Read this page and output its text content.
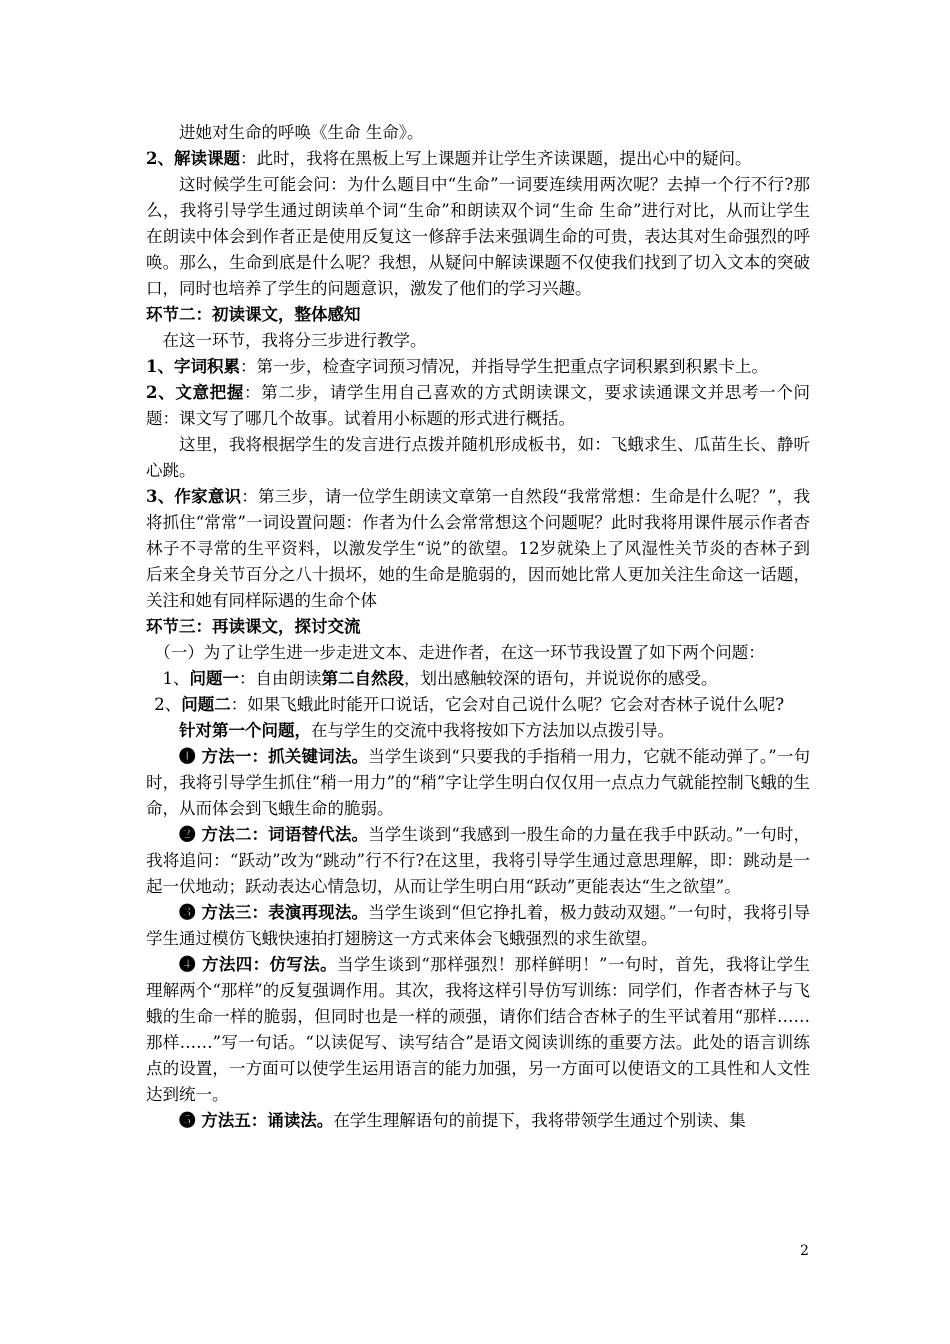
进她对生命的呼唤《生命 生命》。

2、解读课题：此时，我将在黑板上写上课题并让学生齐读课题，提出心中的疑问。

这时候学生可能会问：为什么题目中“生命”一词要连续用两次呢？去掉一个行不行?那么，我将引导学生通过朗读单个词“生命”和朗读双个词“生命 生命”进行对比，从而让学生在朗读中体会到作者正是使用反复这一修辞手法来强调生命的可贵，表达其对生命强烈的呼唤。那么，生命到底是什么呢？我想，从疑问中解读课题不仅使我们找到了切入文本的突破口，同时也培养了学生的问题意识，激发了他们的学习兴趣。

环节二：初读课文，整体感知

在这一环节，我将分三步进行教学。

1、字词积累：第一步，检查字词预习情况，并指导学生把重点字词积累到积累卡上。

2、文意把握：第二步，请学生用自己喜欢的方式朗读课文，要求读通课文并思考一个问题：课文写了哪几个故事。试着用小标题的形式进行概括。

这里，我将根据学生的发言进行点拨并随机形成板书，如：飞蛾求生、瓜苗生长、静听心跳。

3、作家意识：第三步，请一位学生朗读文章第一自然段“我常常想：生命是什么呢？”，我将抓住“常常”一词设置问题：作者为什么会常常想这个问题呢？此时我将用课件展示作者杏林子不寻常的生平资料，以激发学生“说”的欲望。12岁就染上了风湿性关节炎的杏林子到后来全身关节百分之八十损坏，她的生命是脆弱的，因而她比常人更加关注生命这一话题，关注和她有同样际遇的生命个体

环节三：再读课文，探讨交流

（一）为了让学生进一步走进文本、走进作者，在这一环节我设置了如下两个问题：

1、问题一：自由朗读第二自然段，划出感触较深的语句，并说说你的感受。

2、问题二：如果飞蛾此时能开口说话，它会对自己说什么呢？它会对杏林子说什么呢?

针对第一个问题，在与学生的交流中我将按如下方法加以点拨引导。

❶ 方法一：抓关键词法。当学生谈到“只要我的手指稍一用力，它就不能动弹了。”一句时，我将引导学生抓住“稍一用力”的“稍”字让学生明白仅仅用一点点力气就能控制飞蛾的生命，从而体会到飞蛾生命的脆弱。

❷ 方法二：词语替代法。当学生谈到“我感到一股生命的力量在我手中跃动。”一句时，我将追问：“跃动”改为“跳动”行不行?在这里，我将引导学生通过意思理解，即：跳动是一起一伏地动；跃动表达心情急切，从而让学生明白用“跃动”更能表达“生之欲望”。

❸ 方法三：表演再现法。当学生谈到“但它挣扎着，极力鼓动双翅。”一句时，我将引导学生通过模仿飞蛾快速拍打翅膀这一方式来体会飞蛾强烈的求生欲望。

❹ 方法四：仿写法。当学生谈到“那样强烈！那样鲜明！”一句时，首先，我将让学生理解两个“那样”的反复强调作用。其次，我将这样引导仿写训练：同学们，作者杏林子与飞蛾的生命一样的脆弱，但同时也是一样的顽强，请你们结合杏林子的生平试着用“那样……那样……”写一句话。“以读促写、读写结合”是语文阅读训练的重要方法。此处的语言训练点的设置，一方面可以使学生运用语言的能力加强，另一方面可以使语文的工具性和人文性达到统一。

❺ 方法五：诵读法。在学生理解语句的前提下，我将带领学生通过个别读、集

2
